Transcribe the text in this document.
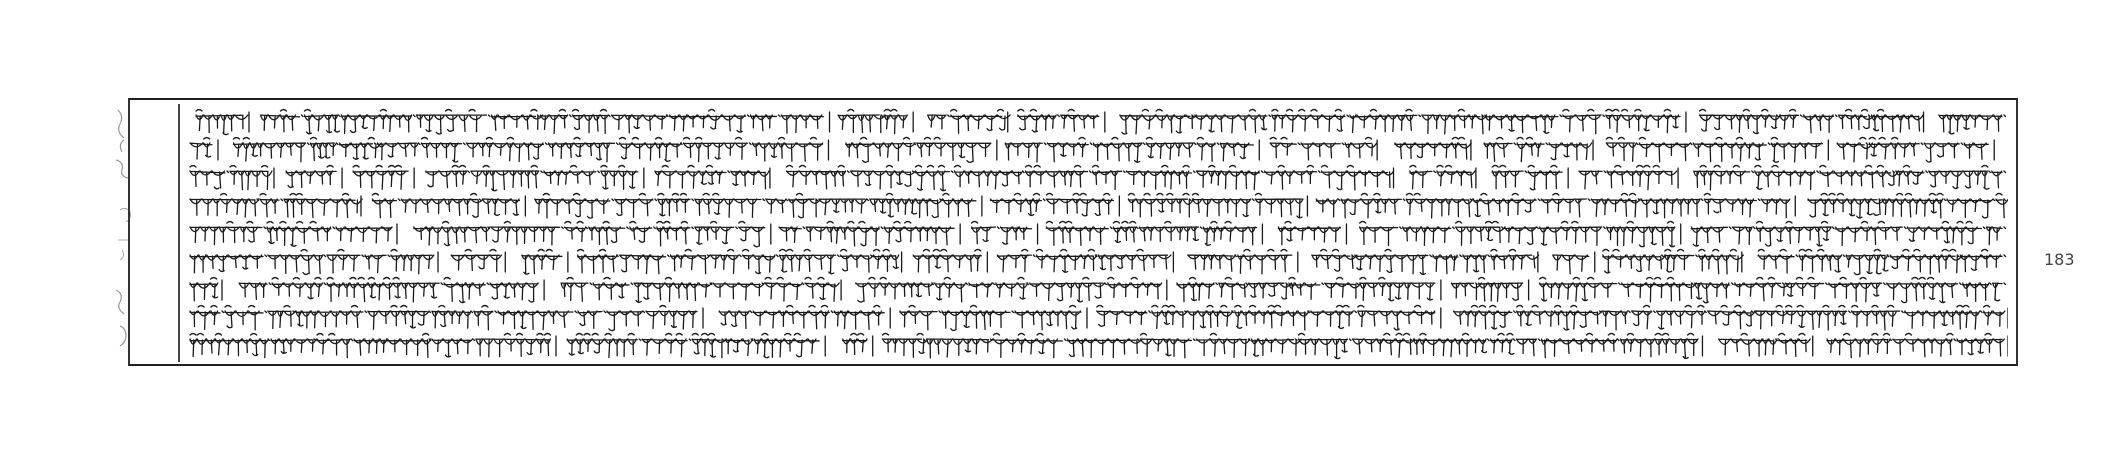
183
